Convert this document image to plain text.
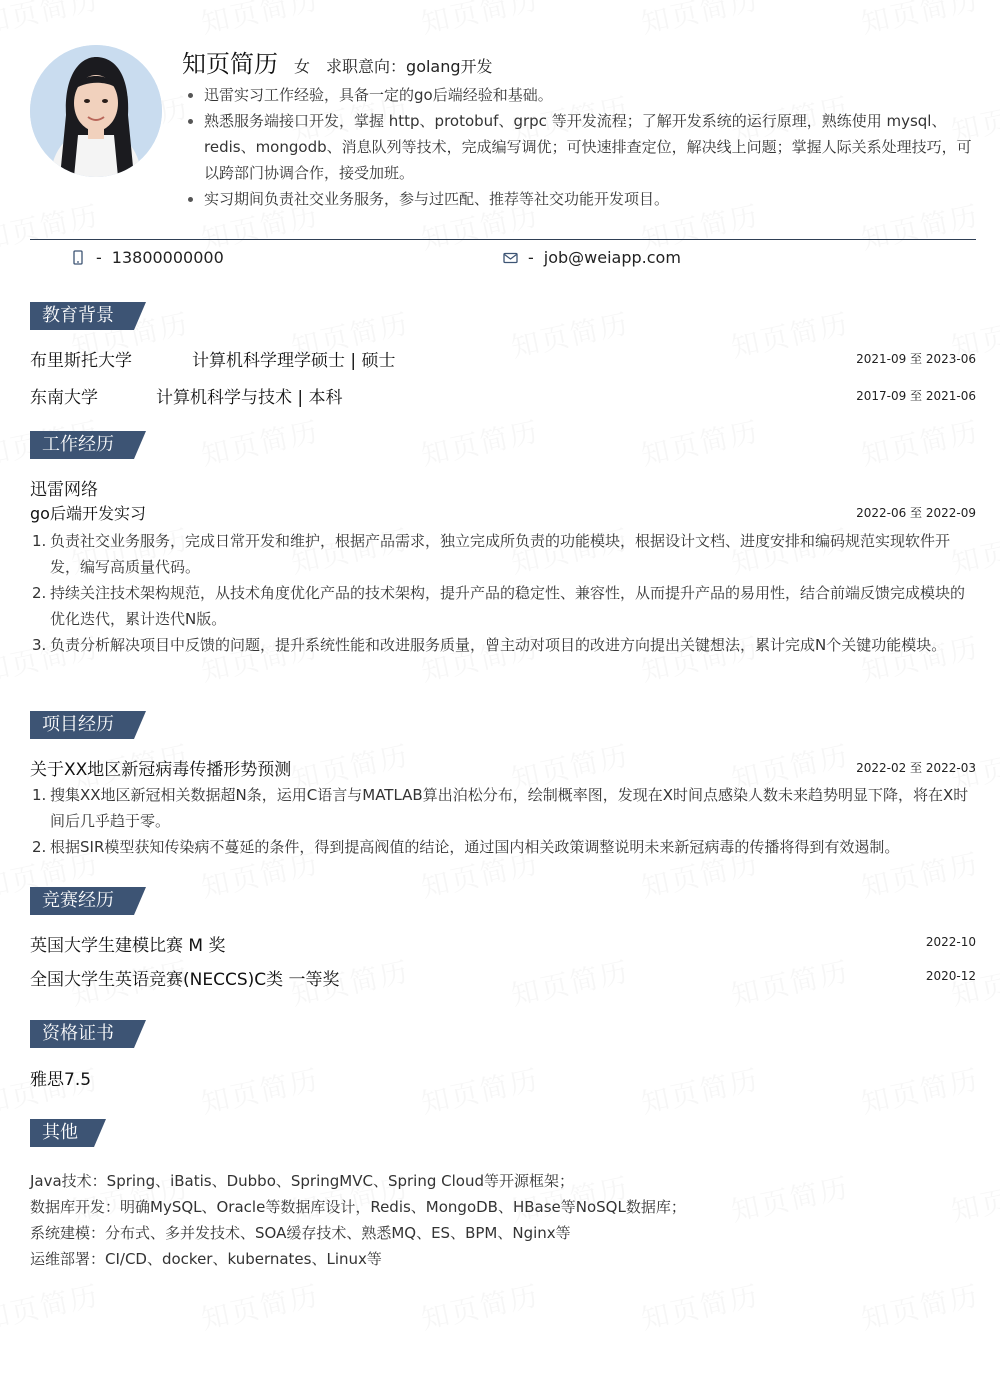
知页简历 女 求职意向： golang开发
迅雷实习工作经验，具备一定的go后端经验和基础。
熟悉服务端接口开发，掌握 http、protobuf、grpc 等开发流程；了解开发系统的运行原理，熟练使用 mysql、redis、mongodb、消息队列等技术，完成编写调优；可快速排查定位，解决线上问题；掌握人际关系处理技巧，可以跨部门协调合作，接受加班。
实习期间负责社交业务服务，参与过匹配、推荐等社交功能开发项目。
- 13800000000	- job@weiapp.com
教育背景
布里斯托大学	计算机科学理学硕士 | 硕士	2021-09 至 2023-06
东南大学	计算机科学与技术 | 本科	2017-09 至 2021-06
工作经历
迅雷网络
go后端开发实习	2022-06 至 2022-09
1. 负责社交业务服务，完成日常开发和维护，根据产品需求，独立完成所负责的功能模块，根据设计文档、进度安排和编码规范实现软件开发，编写高质量代码。
2. 持续关注技术架构规范，从技术角度优化产品的技术架构，提升产品的稳定性、兼容性，从而提升产品的易用性，结合前端反馈完成模块的优化迭代，累计迭代N版。
3. 负责分析解决项目中反馈的问题，提升系统性能和改进服务质量，曾主动对项目的改进方向提出关键想法，累计完成N个关键功能模块。
项目经历
关于XX地区新冠病毒传播形势预测	2022-02 至 2022-03
1. 搜集XX地区新冠相关数据超N条，运用C语言与MATLAB算出泊松分布，绘制概率图，发现在X时间点感染人数未来趋势明显下降，将在X时间后几乎趋于零。
2. 根据SIR模型获知传染病不蔓延的条件，得到提高阀值的结论，通过国内相关政策调整说明未来新冠病毒的传播将得到有效遏制。
竞赛经历
英国大学生建模比赛 M 奖	2022-10
全国大学生英语竞赛(NECCS)C类 一等奖	2020-12
资格证书
雅思7.5
其他
Java技术：Spring、iBatis、Dubbo、SpringMVC、Spring Cloud等开源框架；
数据库开发：明确MySQL、Oracle等数据库设计，Redis、MongoDB、HBase等NoSQL数据库；
系统建模：分布式、多并发技术、SOA缓存技术、熟悉MQ、ES、BPM、Nginx等
运维部署：CI/CD、docker、kubernates、Linux等
